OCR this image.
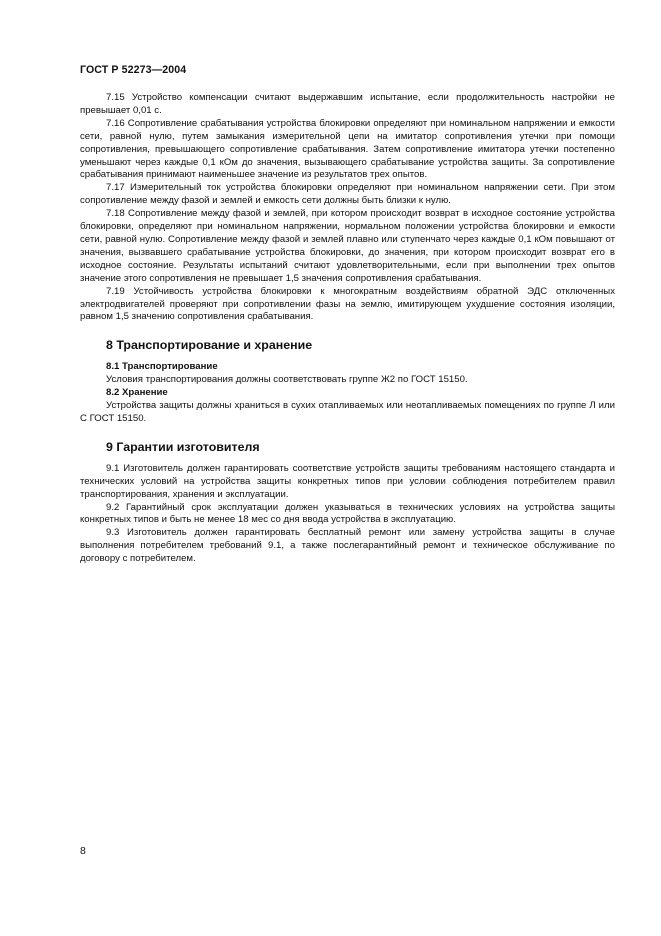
ГОСТ Р 52273—2004

7.15 Устройство компенсации считают выдержавшим испытание, если продолжительность настройки не превышает 0,01 с.

7.16 Сопротивление срабатывания устройства блокировки определяют при номинальном напряжении и емкости сети, равной нулю, путем замыкания измерительной цепи на имитатор сопротивления утечки при помощи сопротивления, превышающего сопротивление срабатывания. Затем сопротивление имитатора утечки постепенно уменьшают через каждые 0,1 кОм до значения, вызывающего срабатывание устройства защиты. За сопротивление срабатывания принимают наименьшее значение из результатов трех опытов.

7.17 Измерительный ток устройства блокировки определяют при номинальном напряжении сети. При этом сопротивление между фазой и землей и емкость сети должны быть близки к нулю.

7.18 Сопротивление между фазой и землей, при котором происходит возврат в исходное состояние устройства блокировки, определяют при номинальном напряжении, нормальном положении устройства блокировки и емкости сети, равной нулю. Сопротивление между фазой и землей плавно или ступенчато через каждые 0,1 кОм повышают от значения, вызвавшего срабатывание устройства блокировки, до значения, при котором происходит возврат его в исходное состояние. Результаты испытаний считают удовлетворительными, если при выполнении трех опытов значение этого сопротивления не превышает 1,5 значения сопротивления срабатывания.

7.19 Устойчивость устройства блокировки к многократным воздействиям обратной ЭДС отключенных электродвигателей проверяют при сопротивлении фазы на землю, имитирующем ухудшение состояния изоляции, равном 1,5 значению сопротивления срабатывания.

8 Транспортирование и хранение

8.1 Транспортирование

Условия транспортирования должны соответствовать группе Ж2 по ГОСТ 15150.

8.2 Хранение

Устройства защиты должны храниться в сухих отапливаемых или неотапливаемых помещениях по группе Л или С ГОСТ 15150.

9 Гарантии изготовителя

9.1 Изготовитель должен гарантировать соответствие устройств защиты требованиям настоящего стандарта и технических условий на устройства защиты конкретных типов при условии соблюдения потребителем правил транспортирования, хранения и эксплуатации.

9.2 Гарантийный срок эксплуатации должен указываться в технических условиях на устройства защиты конкретных типов и быть не менее 18 мес со дня ввода устройства в эксплуатацию.

9.3 Изготовитель должен гарантировать бесплатный ремонт или замену устройства защиты в случае выполнения потребителем требований 9.1, а также послегарантийный ремонт и техническое обслуживание по договору с потребителем.

8
